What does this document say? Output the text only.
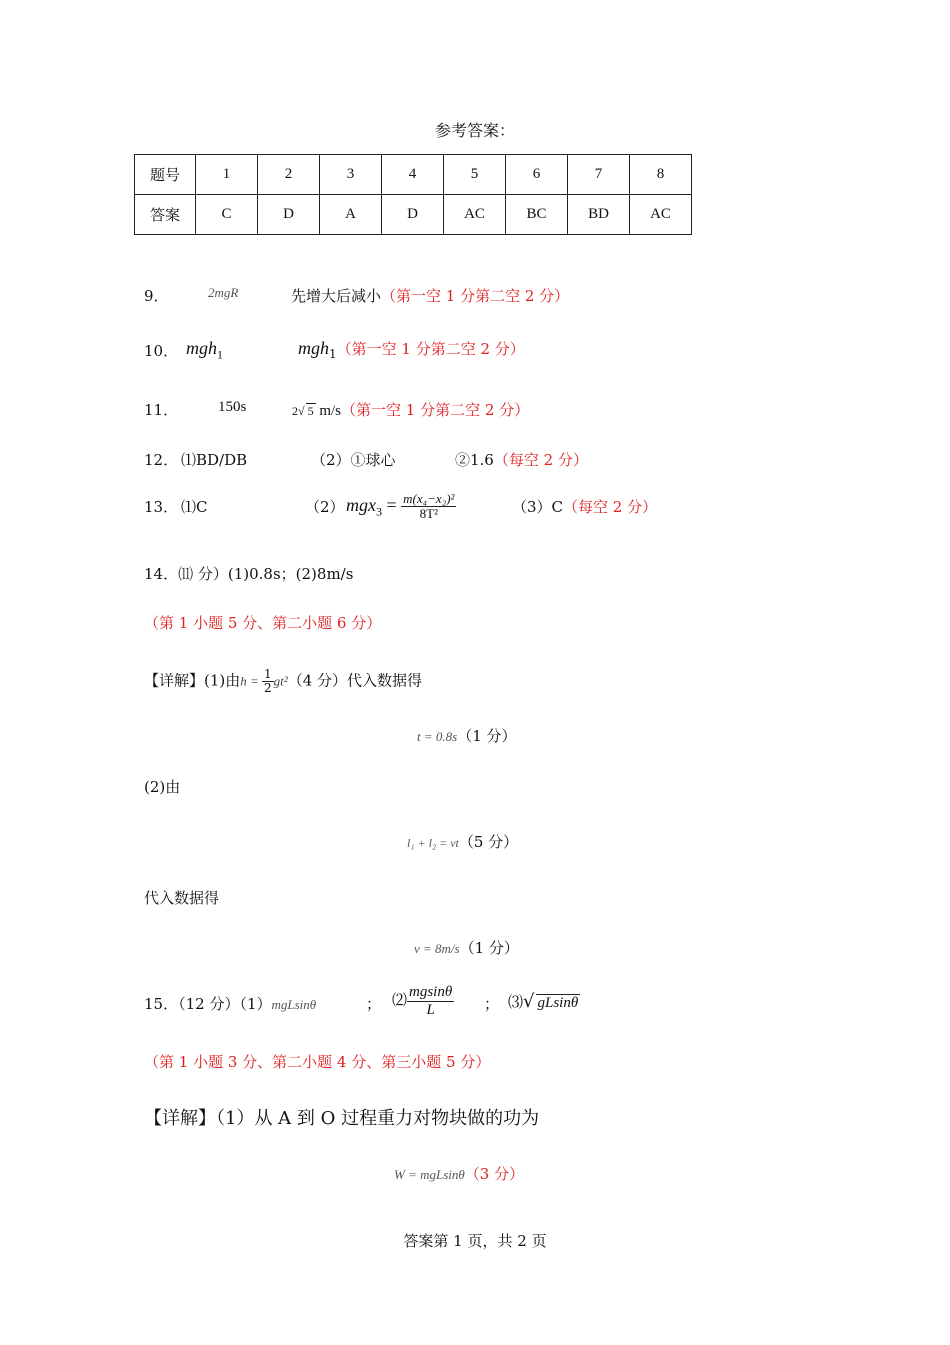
参考答案：
题号	1	2	3	4	5	6	7	8
答案	C	D	A	D	AC	BC	BD	AC
9．	2mgR	先增大后减小（第一空 1 分第二空 2 分）
10． mgh$_1$	mgh$_1$（第一空 1 分第二空 2 分）
11．	150s	2√ 5 m/s（第一空 1 分第二空 2 分）
12． ⑴BD/DB	（2）①球心	②1.6（每空 2 分）
13． ⑴C	（2） $mgx_3 = \frac{\text{m(x₄−x₂)²}}{\text{8T²}}$	（3）C（每空 2 分）
14．⑾ 分）(1)0.8s；(2)8m/s
（第 1 小题 5 分、第二小题 6 分）
【详解】(1)由$h = \frac{1}{2} gt^2(4$ 分）代入数据得
t = 0.8s（1 分）
(2)由
l₁ + l₂ = vt（5 分）
代入数据得
v = 8m/s（1 分）
15．（12 分）（1）mgLsinθ	； ⑵ $\frac{mgsin\theta}{L}$ ； ⑶√ gLsinθ
（第 1 小题 3 分、第二小题 4 分、第三小题 5 分）
【详解】（1）从 A 到 O 过程重力对物块做的功为
W = mgLsinθ（3 分）
答案第 1 页，共 2 页
